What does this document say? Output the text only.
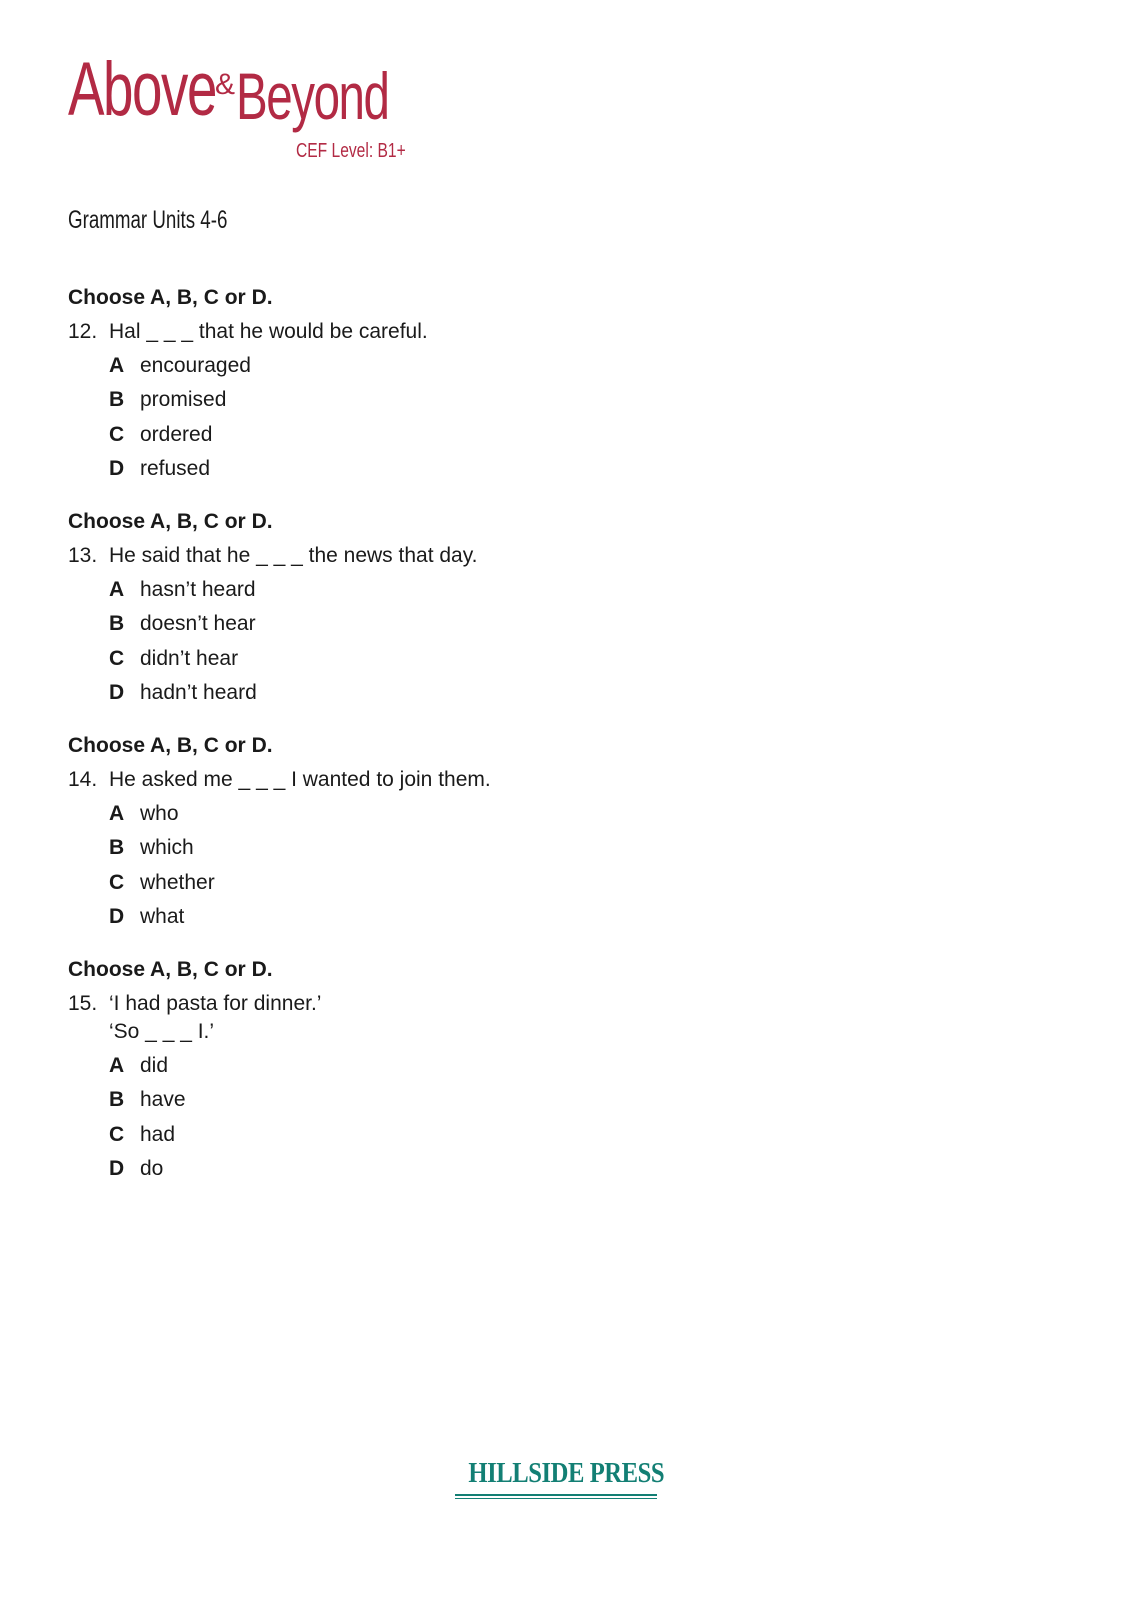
Above & Beyond
CEF Level: B1+
Grammar Units 4-6
Choose A, B, C or D.
12. Hal _ _ _ that he would be careful.
A encouraged
B promised
C ordered
D refused
Choose A, B, C or D.
13. He said that he _ _ _ the news that day.
A hasn’t heard
B doesn’t hear
C didn’t hear
D hadn’t heard
Choose A, B, C or D.
14. He asked me _ _ _ I wanted to join them.
A who
B which
C whether
D what
Choose A, B, C or D.
15. ‘I had pasta for dinner.’
‘So _ _ _ I.’
A did
B have
C had
D do
HILLSIDE PRESS
